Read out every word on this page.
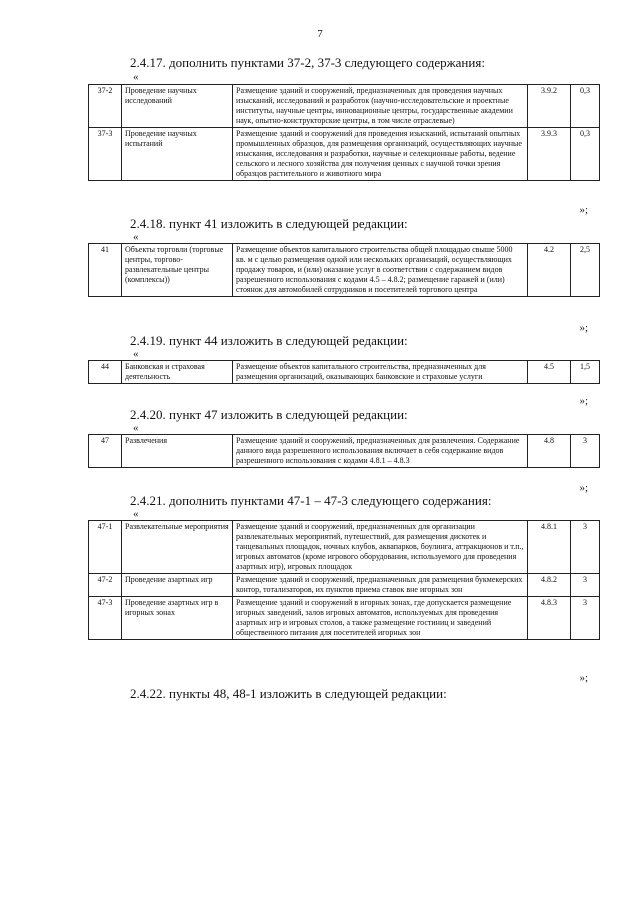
7
2.4.17. дополнить пунктами 37-2, 37-3 следующего содержания:
«
37-2	Проведение научных исследований	Размещение зданий и сооружений, предназначенных для проведения научных изысканий, исследований и разработок (научно-исследовательские и проектные институты, научные центры, инновационные центры, государственные академии наук, опытно-конструкторские центры, в том числе отраслевые)	3.9.2	0,3
37-3	Проведение научных испытаний	Размещение зданий и сооружений для проведения изысканий, испытаний опытных промышленных образцов, для размещения организаций, осуществляющих научные изыскания, исследования и разработки, научные и селекционные работы, ведение сельского и лесного хозяйства для получения ценных с научной точки зрения образцов растительного и животного мира	3.9.3	0,3
»;
2.4.18. пункт 41 изложить в следующей редакции:
«
41	Объекты торговли (торговые центры, торгово-развлекательные центры (комплексы))	Размещение объектов капитального строительства общей площадью свыше 5000 кв. м с целью размещения одной или нескольких организаций, осуществляющих продажу товаров, и (или) оказание услуг в соответствии с содержанием видов разрешенного использования с кодами 4.5 – 4.8.2; размещение гаражей и (или) стоянок для автомобилей сотрудников и посетителей торгового центра	4.2	2,5
»;
2.4.19. пункт 44 изложить в следующей редакции:
«
44	Банковская и страховая деятельность	Размещение объектов капитального строительства, предназначенных для размещения организаций, оказывающих банковские и страховые услуги	4.5	1,5
»;
2.4.20. пункт 47 изложить в следующей редакции:
«
47	Развлечения	Размещение зданий и сооружений, предназначенных для развлечения. Содержание данного вида разрешенного использования включает в себя содержание видов разрешенного использования с кодами 4.8.1 – 4.8.3	4.8	3
»;
2.4.21. дополнить пунктами 47-1 – 47-3 следующего содержания:
«
47-1	Развлекательные мероприятия	Размещение зданий и сооружений, предназначенных для организации развлекательных мероприятий, путешествий, для размещения дискотек и танцевальных площадок, ночных клубов, аквапарков, боулинга, аттракционов и т.п., игровых автоматов (кроме игрового оборудования, используемого для проведения азартных игр), игровых площадок	4.8.1	3
47-2	Проведение азартных игр	Размещение зданий и сооружений, предназначенных для размещения букмекерских контор, тотализаторов, их пунктов приема ставок вне игорных зон	4.8.2	3
47-3	Проведение азартных игр в игорных зонах	Размещение зданий и сооружений в игорных зонах, где допускается размещение игорных заведений, залов игровых автоматов, используемых для проведения азартных игр и игровых столов, а также размещение гостиниц и заведений общественного питания для посетителей игорных зон	4.8.3	3
»;
2.4.22. пункты 48, 48-1 изложить в следующей редакции:
